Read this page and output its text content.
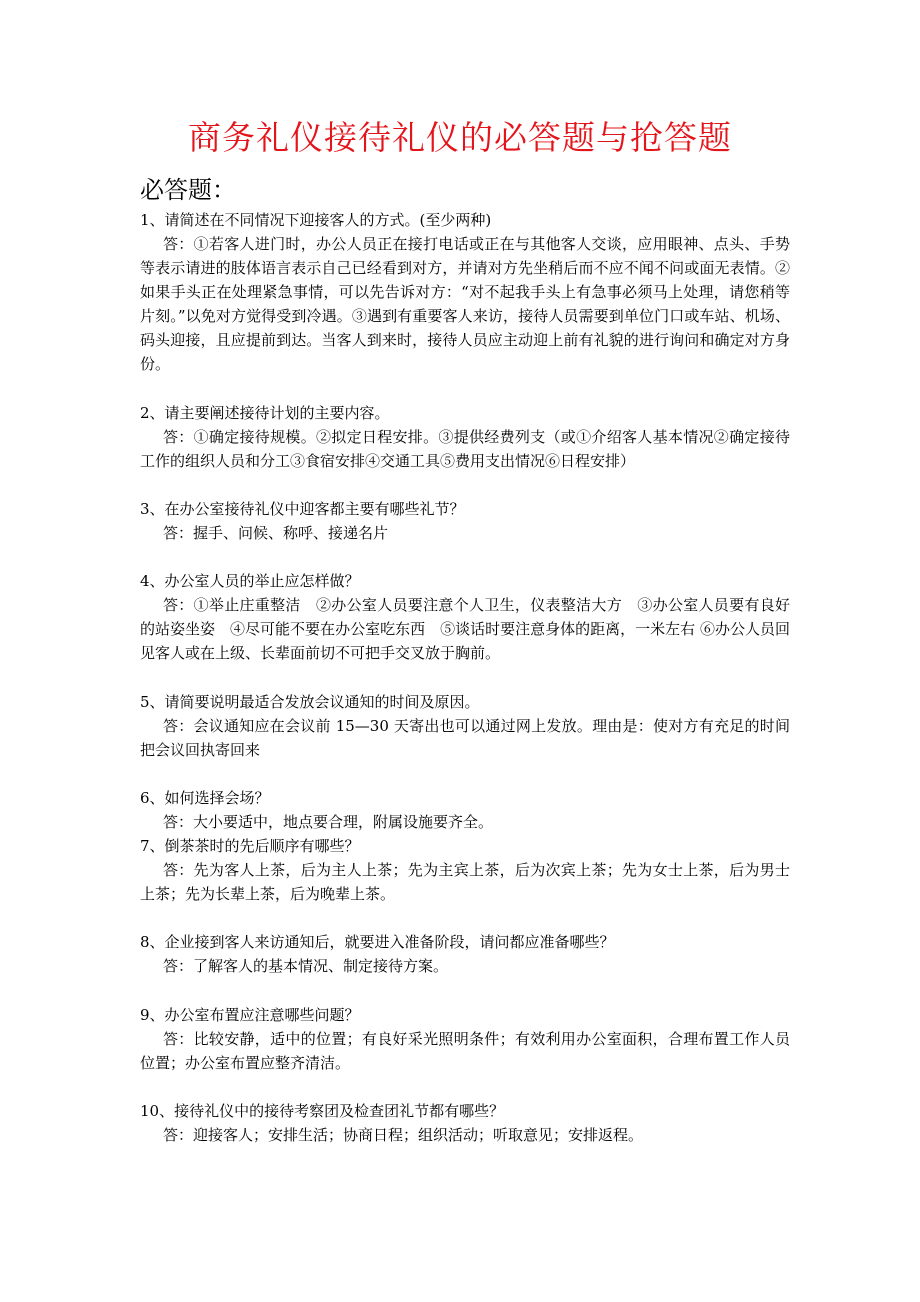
商务礼仪接待礼仪的必答题与抢答题
必答题：
1、请简述在不同情况下迎接客人的方式。(至少两种)
答：①若客人进门时，办公人员正在接打电话或正在与其他客人交谈，应用眼神、点头、手势等表示请进的肢体语言表示自己已经看到对方，并请对方先坐稍后而不应不闻不问或面无表情。②如果手头正在处理紧急事情，可以先告诉对方：“对不起我手头上有急事必须马上处理，请您稍等片刻。”以免对方觉得受到冷遇。③遇到有重要客人来访，接待人员需要到单位门口或车站、机场、码头迎接，且应提前到达。当客人到来时，接待人员应主动迎上前有礼貌的进行询问和确定对方身份。
2、请主要阐述接待计划的主要内容。
答：①确定接待规模。②拟定日程安排。③提供经费列支（或①介绍客人基本情况②确定接待工作的组织人员和分工③食宿安排④交通工具⑤费用支出情况⑥日程安排）
3、在办公室接待礼仪中迎客都主要有哪些礼节？
答：握手、问候、称呼、接递名片
4、办公室人员的举止应怎样做？
答：①举止庄重整洁　②办公室人员要注意个人卫生，仪表整洁大方　③办公室人员要有良好的站姿坐姿　④尽可能不要在办公室吃东西　⑤谈话时要注意身体的距离，一米左右 ⑥办公人员回见客人或在上级、长辈面前切不可把手交叉放于胸前。
5、请简要说明最适合发放会议通知的时间及原因。
答：会议通知应在会议前 15—30 天寄出也可以通过网上发放。理由是：使对方有充足的时间把会议回执寄回来
6、如何选择会场？
答：大小要适中，地点要合理，附属设施要齐全。
7、倒茶茶时的先后顺序有哪些？
答：先为客人上茶，后为主人上茶；先为主宾上茶，后为次宾上茶；先为女士上茶，后为男士上茶；先为长辈上茶，后为晚辈上茶。
8、企业接到客人来访通知后，就要进入准备阶段，请问都应准备哪些？
答：了解客人的基本情况、制定接待方案。
9、办公室布置应注意哪些问题？
答：比较安静，适中的位置；有良好采光照明条件；有效利用办公室面积，合理布置工作人员位置；办公室布置应整齐清洁。
10、接待礼仪中的接待考察团及检查团礼节都有哪些？
答：迎接客人；安排生活；协商日程；组织活动；听取意见；安排返程。
